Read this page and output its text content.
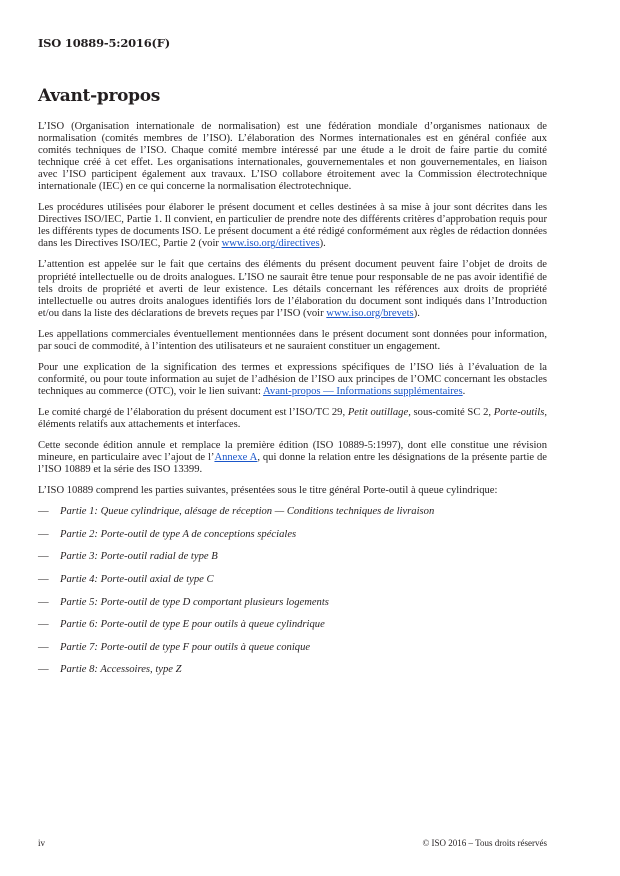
ISO 10889-5:2016(F)
Avant-propos

L’ISO (Organisation internationale de normalisation) est une fédération mondiale d’organismes nationaux de normalisation (comités membres de l’ISO). L’élaboration des Normes internationales est en général confiée aux comités techniques de l’ISO. Chaque comité membre intéressé par une étude a le droit de faire partie du comité technique créé à cet effet. Les organisations internationales, gouvernementales et non gouvernementales, en liaison avec l’ISO participent également aux travaux. L’ISO collabore étroitement avec la Commission électrotechnique internationale (IEC) en ce qui concerne la normalisation électrotechnique.

Les procédures utilisées pour élaborer le présent document et celles destinées à sa mise à jour sont décrites dans les Directives ISO/IEC, Partie 1. Il convient, en particulier de prendre note des différents critères d’approbation requis pour les différents types de documents ISO. Le présent document a été rédigé conformément aux règles de rédaction données dans les Directives ISO/IEC, Partie 2 (voir www.iso.org/directives).

L’attention est appelée sur le fait que certains des éléments du présent document peuvent faire l’objet de droits de propriété intellectuelle ou de droits analogues. L’ISO ne saurait être tenue pour responsable de ne pas avoir identifié de tels droits de propriété et averti de leur existence. Les détails concernant les références aux droits de propriété intellectuelle ou autres droits analogues identifiés lors de l’élaboration du document sont indiqués dans l’Introduction et/ou dans la liste des déclarations de brevets reçues par l’ISO (voir www.iso.org/brevets).

Les appellations commerciales éventuellement mentionnées dans le présent document sont données pour information, par souci de commodité, à l’intention des utilisateurs et ne sauraient constituer un engagement.

Pour une explication de la signification des termes et expressions spécifiques de l’ISO liés à l’évaluation de la conformité, ou pour toute information au sujet de l’adhésion de l’ISO aux principes de l’OMC concernant les obstacles techniques au commerce (OTC), voir le lien suivant: Avant-propos — Informations supplémentaires.

Le comité chargé de l’élaboration du présent document est l’ISO/TC 29, Petit outillage, sous-comité SC 2, Porte-outils, éléments relatifs aux attachements et interfaces.

Cette seconde édition annule et remplace la première édition (ISO 10889-5:1997), dont elle constitue une révision mineure, en particulaire avec l’ajout de l’Annexe A, qui donne la relation entre les désignations de la présente partie de l’ISO 10889 et la série des ISO 13399.

L’ISO 10889 comprend les parties suivantes, présentées sous le titre général Porte-outil à queue cylindrique:

—	Partie 1: Queue cylindrique, alésage de réception — Conditions techniques de livraison
—	Partie 2: Porte-outil de type A de conceptions spéciales
—	Partie 3: Porte-outil radial de type B
—	Partie 4: Porte-outil axial de type C
—	Partie 5: Porte-outil de type D comportant plusieurs logements
—	Partie 6: Porte-outil de type E pour outils à queue cylindrique
—	Partie 7: Porte-outil de type F pour outils à queue conique
—	Partie 8: Accessoires, type Z
iv	© ISO 2016 – Tous droits réservés
